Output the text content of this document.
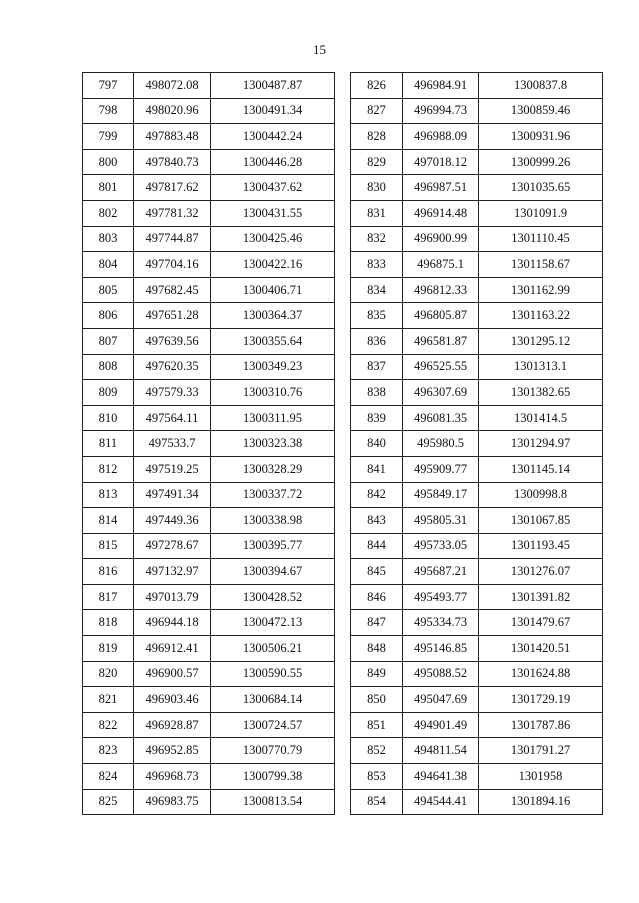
15
797	498072.08	1300487.87
798	498020.96	1300491.34
799	497883.48	1300442.24
800	497840.73	1300446.28
801	497817.62	1300437.62
802	497781.32	1300431.55
803	497744.87	1300425.46
804	497704.16	1300422.16
805	497682.45	1300406.71
806	497651.28	1300364.37
807	497639.56	1300355.64
808	497620.35	1300349.23
809	497579.33	1300310.76
810	497564.11	1300311.95
811	497533.7	1300323.38
812	497519.25	1300328.29
813	497491.34	1300337.72
814	497449.36	1300338.98
815	497278.67	1300395.77
816	497132.97	1300394.67
817	497013.79	1300428.52
818	496944.18	1300472.13
819	496912.41	1300506.21
820	496900.57	1300590.55
821	496903.46	1300684.14
822	496928.87	1300724.57
823	496952.85	1300770.79
824	496968.73	1300799.38
825	496983.75	1300813.54
826	496984.91	1300837.8
827	496994.73	1300859.46
828	496988.09	1300931.96
829	497018.12	1300999.26
830	496987.51	1301035.65
831	496914.48	1301091.9
832	496900.99	1301110.45
833	496875.1	1301158.67
834	496812.33	1301162.99
835	496805.87	1301163.22
836	496581.87	1301295.12
837	496525.55	1301313.1
838	496307.69	1301382.65
839	496081.35	1301414.5
840	495980.5	1301294.97
841	495909.77	1301145.14
842	495849.17	1300998.8
843	495805.31	1301067.85
844	495733.05	1301193.45
845	495687.21	1301276.07
846	495493.77	1301391.82
847	495334.73	1301479.67
848	495146.85	1301420.51
849	495088.52	1301624.88
850	495047.69	1301729.19
851	494901.49	1301787.86
852	494811.54	1301791.27
853	494641.38	1301958
854	494544.41	1301894.16
